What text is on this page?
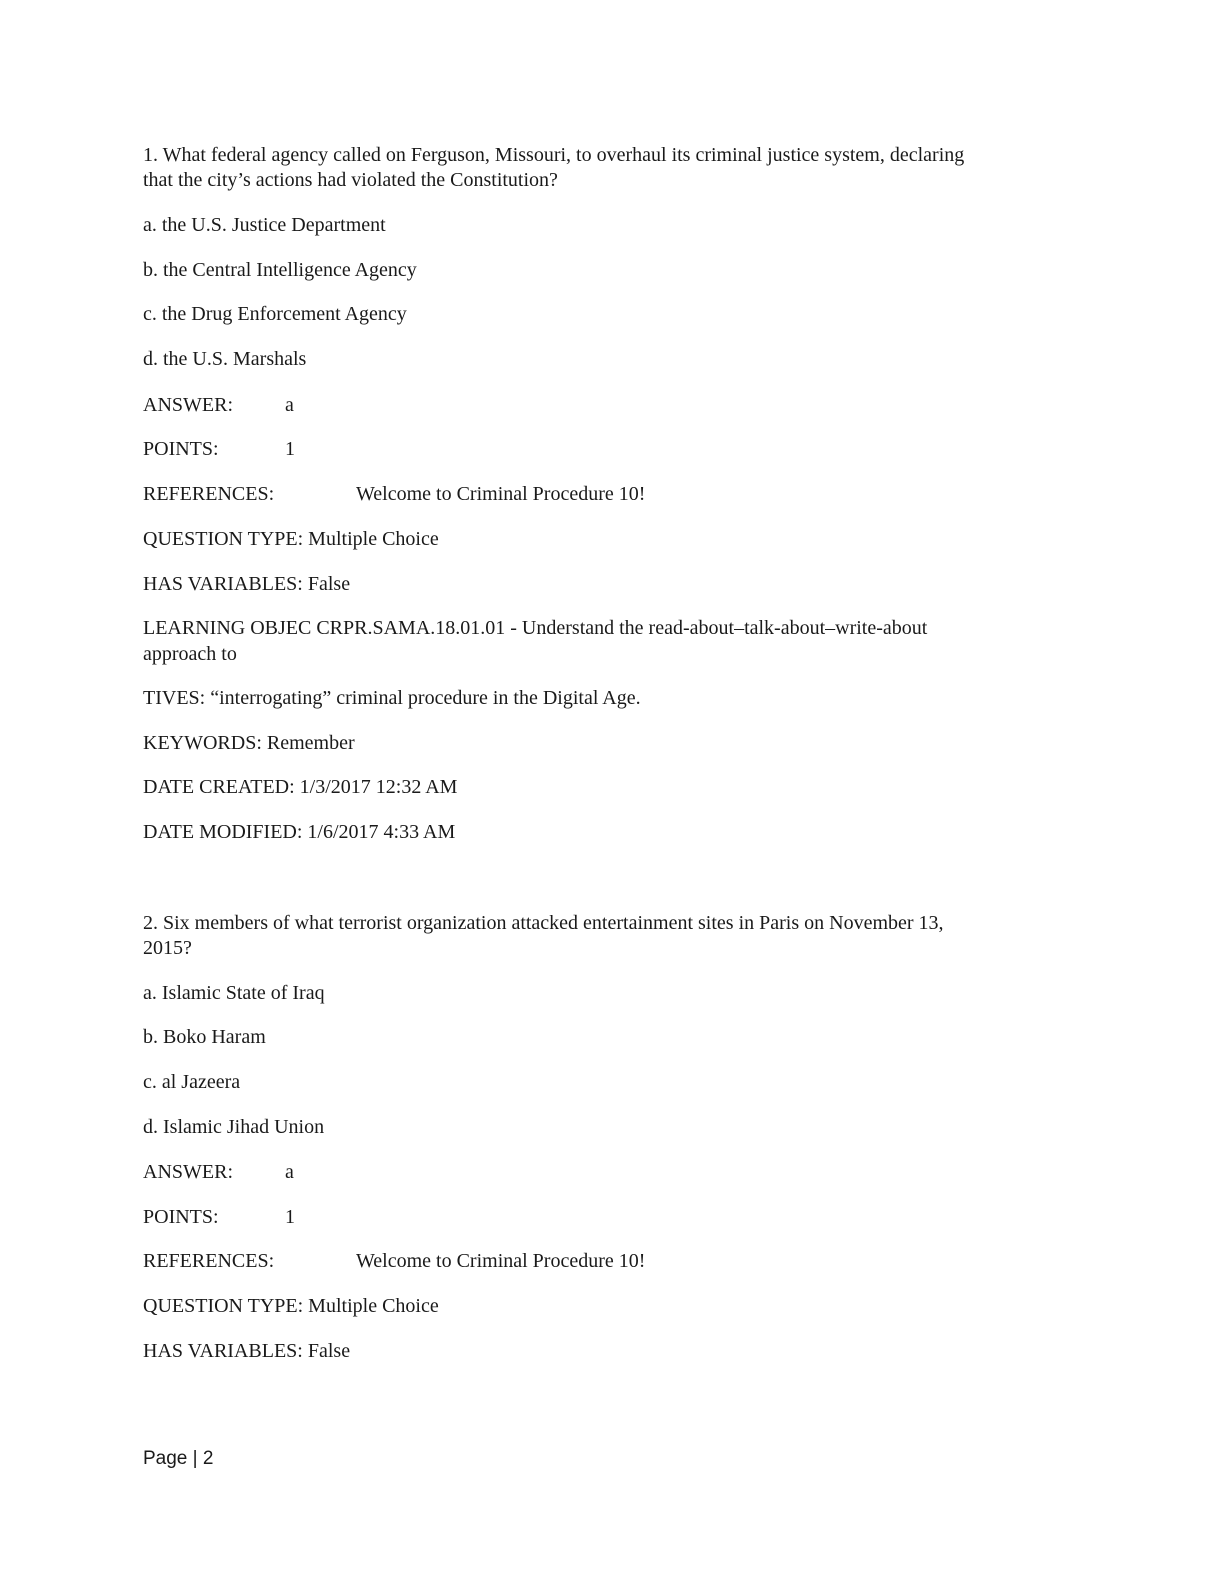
1. What federal agency called on Ferguson, Missouri, to overhaul its criminal justice system, declaring
that the city’s actions had violated the Constitution?
a. the U.S. Justice Department
b. the Central Intelligence Agency
c. the Drug Enforcement Agency
d. the U.S. Marshals
ANSWER:	a
POINTS:	1
REFERENCES:	Welcome to Criminal Procedure 10!
QUESTION TYPE: Multiple Choice
HAS VARIABLES: False
LEARNING OBJEC CRPR.SAMA.18.01.01 - Understand the read-about–talk-about–write-about
approach to
TIVES: “interrogating” criminal procedure in the Digital Age.
KEYWORDS: Remember
DATE CREATED: 1/3/2017 12:32 AM
DATE MODIFIED: 1/6/2017 4:33 AM
2. Six members of what terrorist organization attacked entertainment sites in Paris on November 13,
2015?
a. Islamic State of Iraq
b. Boko Haram
c. al Jazeera
d. Islamic Jihad Union
ANSWER:	a
POINTS:	1
REFERENCES:	Welcome to Criminal Procedure 10!
QUESTION TYPE: Multiple Choice
HAS VARIABLES: False
Page | 2
